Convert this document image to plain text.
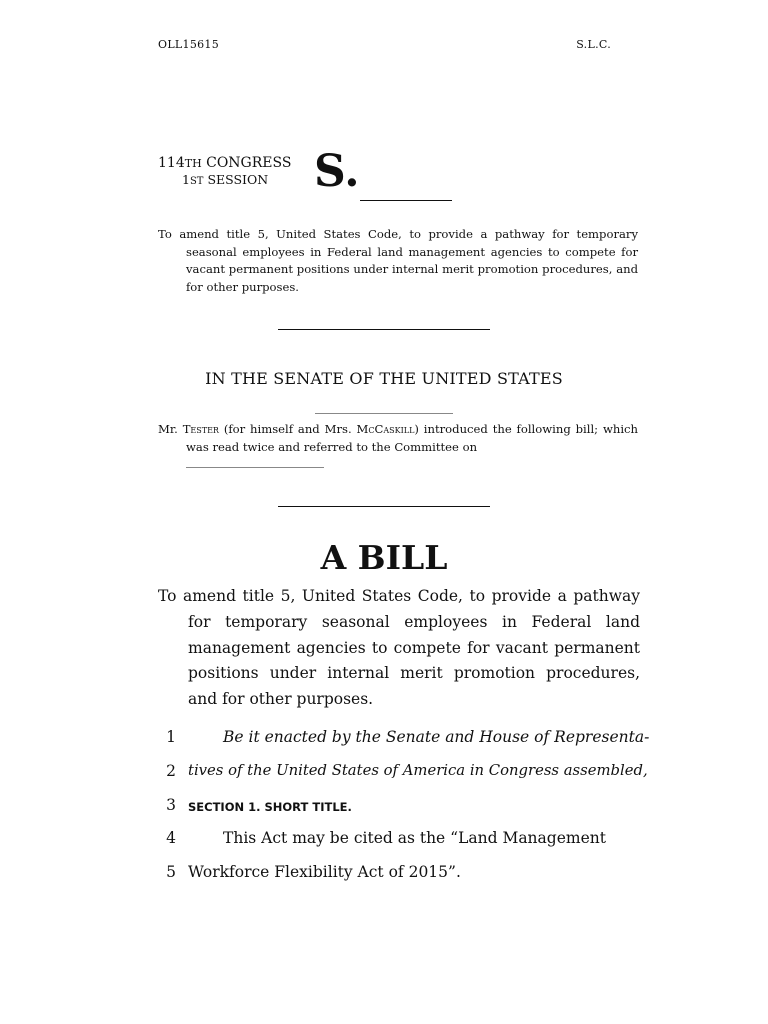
OLL15615	S.L.C.
114TH CONGRESS
1ST SESSION	S.
To amend title 5, United States Code, to provide a pathway for temporary seasonal employees in Federal land management agencies to compete for vacant permanent positions under internal merit promotion procedures, and for other purposes.
IN THE SENATE OF THE UNITED STATES
Mr. Tester (for himself and Mrs. McCaskill) introduced the following bill; which was read twice and referred to the Committee on
A BILL
To amend title 5, United States Code, to provide a pathway for temporary seasonal employees in Federal land management agencies to compete for vacant permanent positions under internal merit promotion procedures, and for other purposes.
1	Be it enacted by the Senate and House of Representa-
2 tives of the United States of America in Congress assembled,
3 SECTION 1. SHORT TITLE.
4	This Act may be cited as the “Land Management
5 Workforce Flexibility Act of 2015”.
